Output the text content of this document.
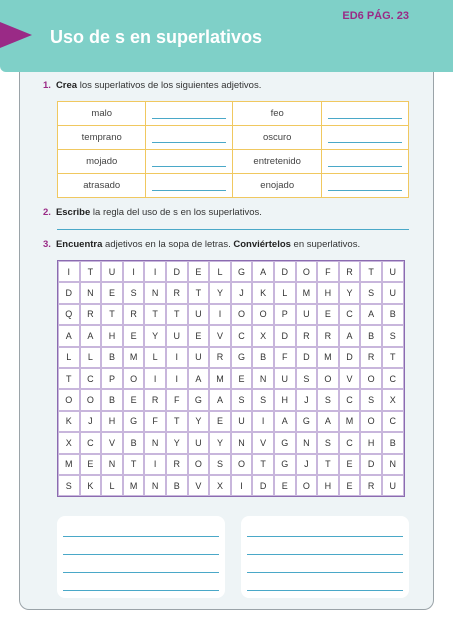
Uso de s en superlativos
ED6 PÁG. 23
1. Crea los superlativos de los siguientes adjetivos.
malo		feo	
temprano		oscuro	
mojado		entretenido	
atrasado		enojado	
2. Escribe la regla del uso de s en los superlativos.
3. Encuentra adjetivos en la sopa de letras. Conviértelos en superlativos.
I	T	U	I	I	D	E	L	G	A	D	O	F	R	T	U
D	N	E	S	N	R	T	Y	J	K	L	M	H	Y	S	U
Q	R	T	R	T	T	U	I	O	O	P	U	E	C	A	B
A	A	H	E	Y	U	E	V	C	X	D	R	R	A	B	S
L	L	B	M	L	I	U	R	G	B	F	D	M	D	R	T
T	C	P	O	I	I	A	M	E	N	U	S	O	V	O	C
O	O	B	E	R	F	G	A	S	S	H	J	S	C	S	X
K	J	H	G	F	T	Y	E	U	I	A	G	A	M	O	C
X	C	V	B	N	Y	U	Y	N	V	G	N	S	C	H	B
M	E	N	T	I	R	O	S	O	T	G	J	T	E	D	N
S	K	L	M	N	B	V	X	I	D	E	O	H	E	R	U
